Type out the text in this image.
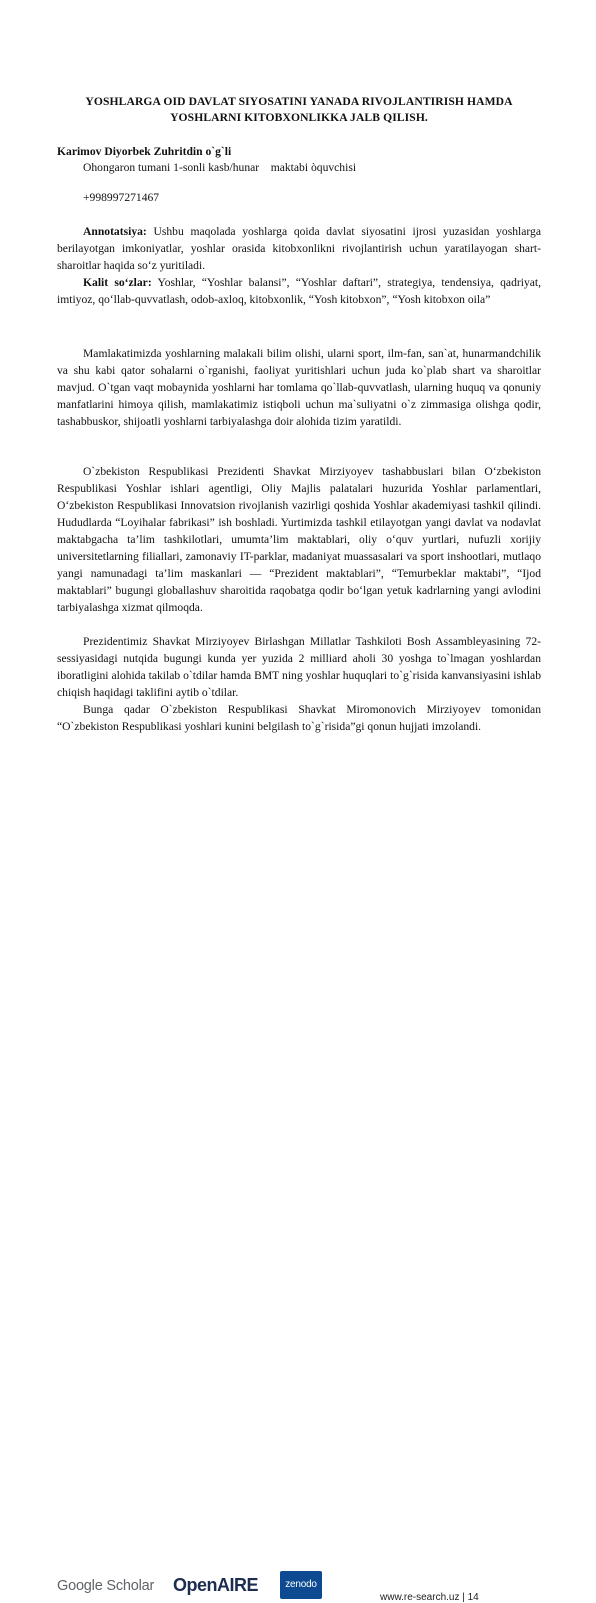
YOSHLARGA OID DAVLAT SIYOSATINI YANADA RIVOJLANTIRISH HAMDA
YOSHLARNI KITOBXONLIKKA JALB QILISH.
Karimov Diyorbek Zuhritdin o`g`li
Ohongaron tumani 1-sonli kasb/hunar    maktabi òquvchisi
+998997271467

Annotatsiya: Ushbu maqolada yoshlarga qoida davlat siyosatini ijrosi yuzasidan yoshlarga berilayotgan imkoniyatlar, yoshlar orasida kitobxonlikni rivojlantirish uchun yaratilayogan shart-sharoitlar haqida so‘z yuritiladi.

Kalit so‘zlar: Yoshlar, “Yoshlar balansi”, “Yoshlar daftari”, strategiya, tendensiya, qadriyat, imtiyoz, qo‘llab-quvvatlash, odob-axloq, kitobxonlik, “Yosh kitobxon”, “Yosh kitobxon oila”

Mamlakatimizda yoshlarning malakali bilim olishi, ularni sport, ilm-fan, san`at, hunarmandchilik va shu kabi qator sohalarni o`rganishi, faoliyat yuritishlari uchun juda ko`plab shart va sharoitlar mavjud. O`tgan vaqt mobaynida yoshlarni har tomlama qo`llab-quvvatlash, ularning huquq va qonuniy manfatlarini himoya qilish, mamlakatimiz istiqboli uchun ma`suliyatni o`z zimmasiga olishga qodir, tashabbuskor, shijoatli yoshlarni tarbiyalashga doir alohida tizim yaratildi.

O`zbekiston Respublikasi Prezidenti Shavkat Mirziyoyev tashabbuslari bilan O‘zbekiston Respublikasi Yoshlar ishlari agentligi, Oliy Majlis palatalari huzurida Yoshlar parlamentlari, O‘zbekiston Respublikasi Innovatsion rivojlanish vazirligi qoshida Yoshlar akademiyasi tashkil qilindi. Hududlarda “Loyihalar fabrikasi” ish boshladi. Yurtimizda tashkil etilayotgan yangi davlat va nodavlat maktabgacha ta’lim tashkilotlari, umumta’lim maktablari, oliy o‘quv yurtlari, nufuzli xorijiy universitetlarning filiallari, zamonaviy IT-parklar, madaniyat muassasalari va sport inshootlari, mutlaqo yangi namunadagi ta’lim maskanlari — “Prezident maktablari”, “Temurbeklar maktabi”, “Ijod maktablari” bugungi globallashuv sharoitida raqobatga qodir bo‘lgan yetuk kadrlarning yangi avlodini tarbiyalashga xizmat qilmoqda.

Prezidentimiz Shavkat Mirziyoyev Birlashgan Millatlar Tashkiloti Bosh Assambleyasining 72-sessiyasidagi nutqida bugungi kunda yer yuzida 2 milliard aholi 30 yoshga to`lmagan yoshlardan iboratligini alohida takilab o`tdilar hamda BMT ning yoshlar huquqlari to`g`risida kanvansiyasini ishlab chiqish haqidagi taklifini aytib o`tdilar.

Bunga qadar O`zbekiston Respublikasi Shavkat Miromonovich Mirziyoyev tomonidan “O`zbekiston Respublikasi yoshlari kunini belgilash to`g`risida”gi qonun hujjati imzolandi.

Google Scholar OpenAIRE	zenodo
www.re-search.uz | 14
